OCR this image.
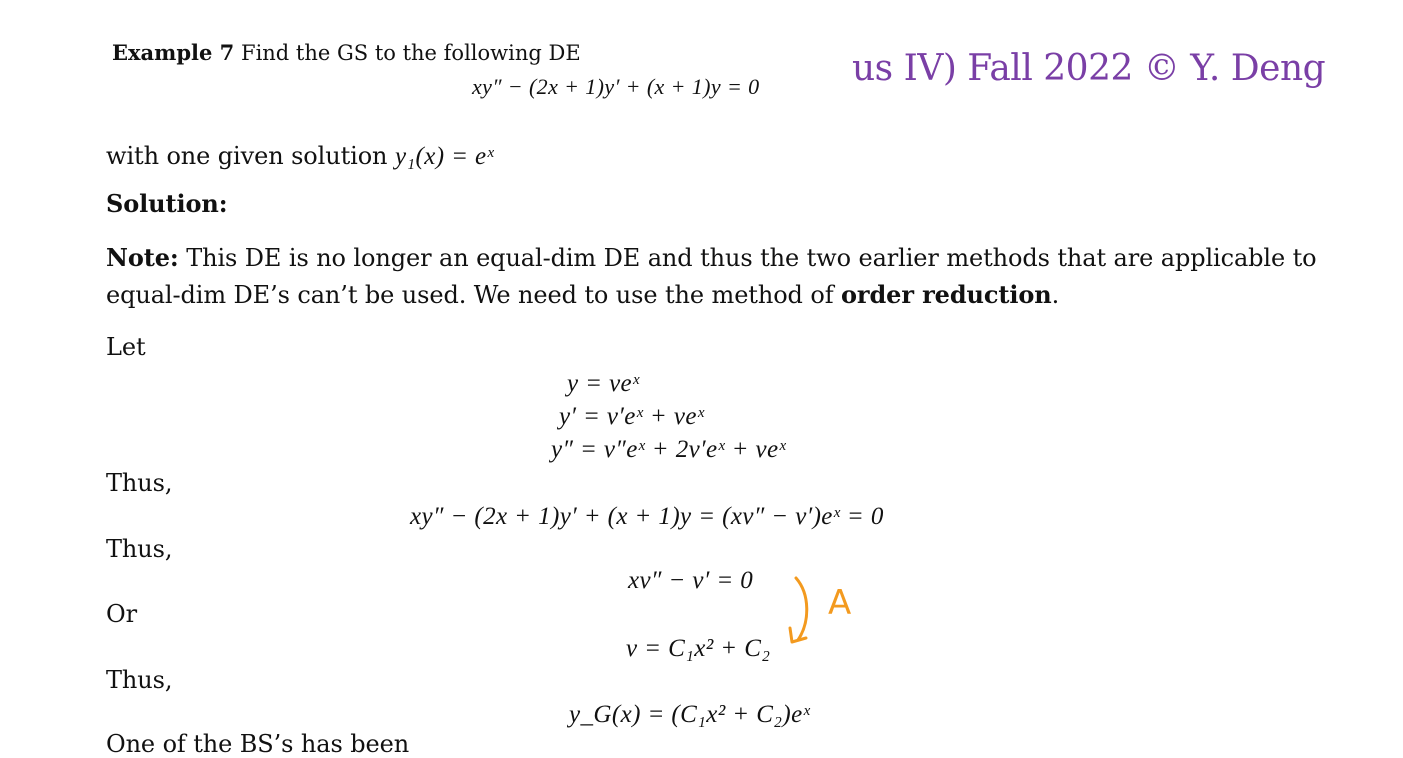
Example 7 Find the GS to the following DE
xy″ − (2x + 1)y′ + (x + 1)y = 0	us IV) Fall 2022 © Y. Deng
with one given solution y₁(x) = eˣ
Solution:
Note: This DE is no longer an equal-dim DE and thus the two earlier methods that are applicable to
equal-dim DE’s can’t be used. We need to use the method of order reduction.
Let
y = veˣ
y′ = v′eˣ + veˣ
y″ = v″eˣ + 2v′eˣ + veˣ
Thus,
xy″ − (2x + 1)y′ + (x + 1)y = (xv″ − v′)eˣ = 0
Thus,
xv″ − v′ = 0
Or
v = C₁x² + C₂
Thus,
y_G(x) = (C₁x² + C₂)eˣ
One of the BS’s has been
A
